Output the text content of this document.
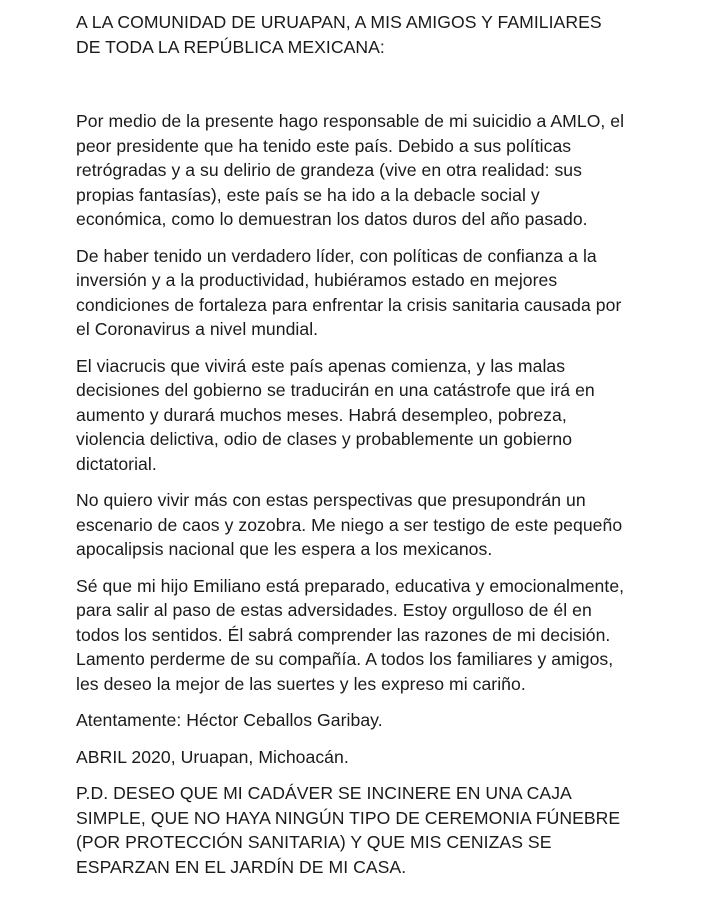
A LA COMUNIDAD DE URUAPAN, A MIS AMIGOS Y FAMILIARES
DE TODA LA REPÚBLICA MEXICANA:

Por medio de la presente hago responsable de mi suicidio a AMLO, el
peor presidente que ha tenido este país. Debido a sus políticas
retrógradas y a su delirio de grandeza (vive en otra realidad: sus
propias fantasías), este país se ha ido a la debacle social y
económica, como lo demuestran los datos duros del año pasado.

De haber tenido un verdadero líder, con políticas de confianza a la
inversión y a la productividad, hubiéramos estado en mejores
condiciones de fortaleza para enfrentar la crisis sanitaria causada por
el Coronavirus a nivel mundial.

El viacrucis que vivirá este país apenas comienza, y las malas
decisiones del gobierno se traducirán en una catástrofe que irá en
aumento y durará muchos meses. Habrá desempleo, pobreza,
violencia delictiva, odio de clases y probablemente un gobierno
dictatorial.

No quiero vivir más con estas perspectivas que presupondrán un
escenario de caos y zozobra. Me niego a ser testigo de este pequeño
apocalipsis nacional que les espera a los mexicanos.

Sé que mi hijo Emiliano está preparado, educativa y emocionalmente,
para salir al paso de estas adversidades. Estoy orgulloso de él en
todos los sentidos. Él sabrá comprender las razones de mi decisión.
Lamento perderme de su compañía. A todos los familiares y amigos,
les deseo la mejor de las suertes y les expreso mi cariño.

Atentamente: Héctor Ceballos Garibay.

ABRIL 2020, Uruapan, Michoacán.

P.D. DESEO QUE MI CADÁVER SE INCINERE EN UNA CAJA
SIMPLE, QUE NO HAYA NINGÚN TIPO DE CEREMONIA FÚNEBRE
(POR PROTECCIÓN SANITARIA) Y QUE MIS CENIZAS SE
ESPARZAN EN EL JARDÍN DE MI CASA.
